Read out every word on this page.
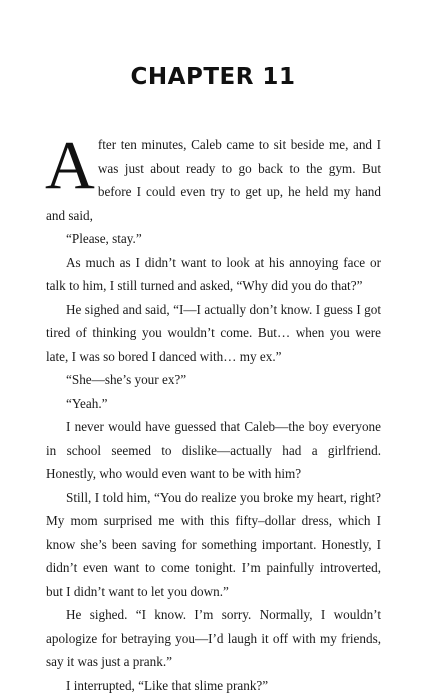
CHAPTER 11

After ten minutes, Caleb came to sit beside me, and I was just about ready to go back to the gym. But before I could even try to get up, he held my hand and said,

“Please, stay.”

As much as I didn’t want to look at his annoying face or talk to him, I still turned and asked, “Why did you do that?”

He sighed and said, “I—I actually don’t know. I guess I got tired of thinking you wouldn’t come. But… when you were late, I was so bored I danced with… my ex.”

“She—she’s your ex?”

“Yeah.”

I never would have guessed that Caleb—the boy everyone in school seemed to dislike—actually had a girlfriend. Honestly, who would even want to be with him?

Still, I told him, “You do realize you broke my heart, right? My mom surprised me with this fifty–dollar dress, which I know she’s been saving for something important. Honestly, I didn’t even want to come tonight. I’m painfully introverted, but I didn’t want to let you down.”

He sighed. “I know. I’m sorry. Normally, I wouldn’t apologize for betraying you—I’d laugh it off with my friends, say it was just a prank.”

I interrupted, “Like that slime prank?”
